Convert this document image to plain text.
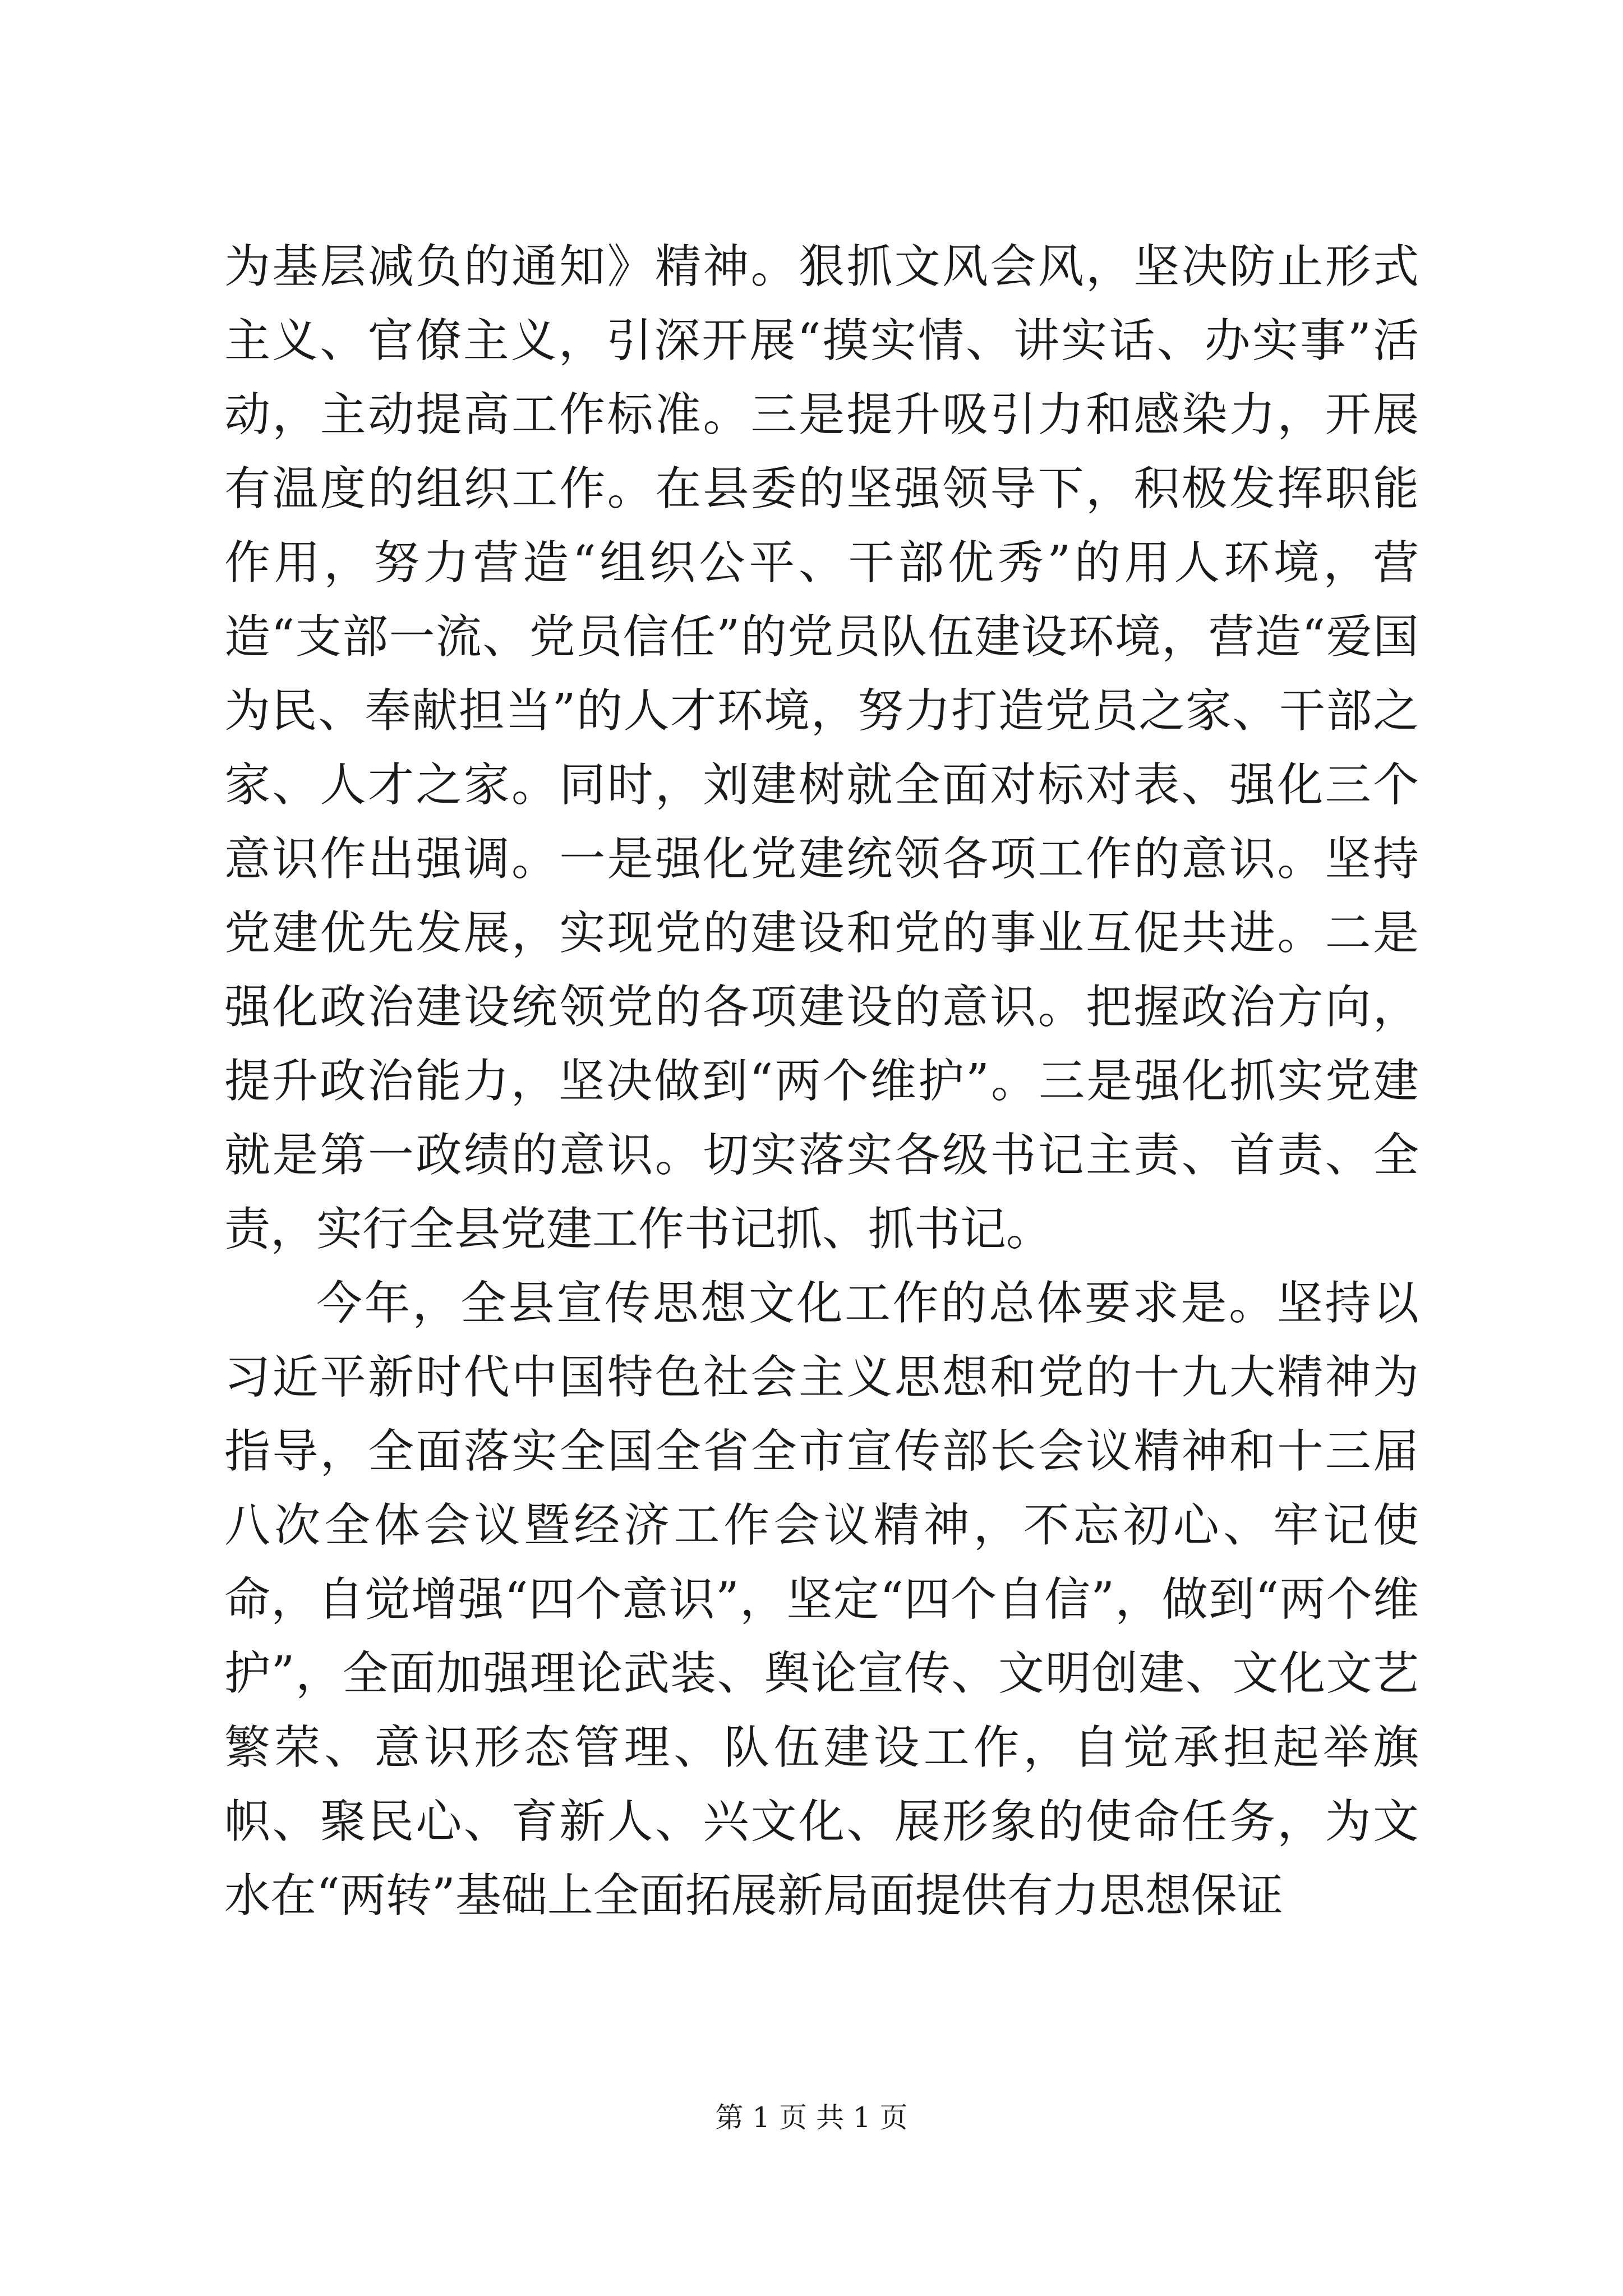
为基层减负的通知》精神。狠抓文风会风，坚决防止形式主义、官僚主义，引深开展“摸实情、讲实话、办实事”活动，主动提高工作标准。三是提升吸引力和感染力，开展有温度的组织工作。在县委的坚强领导下，积极发挥职能作用，努力营造“组织公平、干部优秀”的用人环境，营造“支部一流、党员信任”的党员队伍建设环境，营造“爱国为民、奉献担当”的人才环境，努力打造党员之家、干部之家、人才之家。同时，刘建树就全面对标对表、强化三个意识作出强调。一是强化党建统领各项工作的意识。坚持党建优先发展，实现党的建设和党的事业互促共进。二是强化政治建设统领党的各项建设的意识。把握政治方向，提升政治能力，坚决做到“两个维护”。三是强化抓实党建就是第一政绩的意识。切实落实各级书记主责、首责、全责，实行全县党建工作书记抓、抓书记。

今年，全县宣传思想文化工作的总体要求是。坚持以习近平新时代中国特色社会主义思想和党的十九大精神为指导，全面落实全国全省全市宣传部长会议精神和十三届八次全体会议暨经济工作会议精神，不忘初心、牢记使命，自觉增强“四个意识”，坚定“四个自信”，做到“两个维护”，全面加强理论武装、舆论宣传、文明创建、文化文艺繁荣、意识形态管理、队伍建设工作，自觉承担起举旗帜、聚民心、育新人、兴文化、展形象的使命任务，为文水在“两转”基础上全面拓展新局面提供有力思想保证

第 1 页 共 1 页
